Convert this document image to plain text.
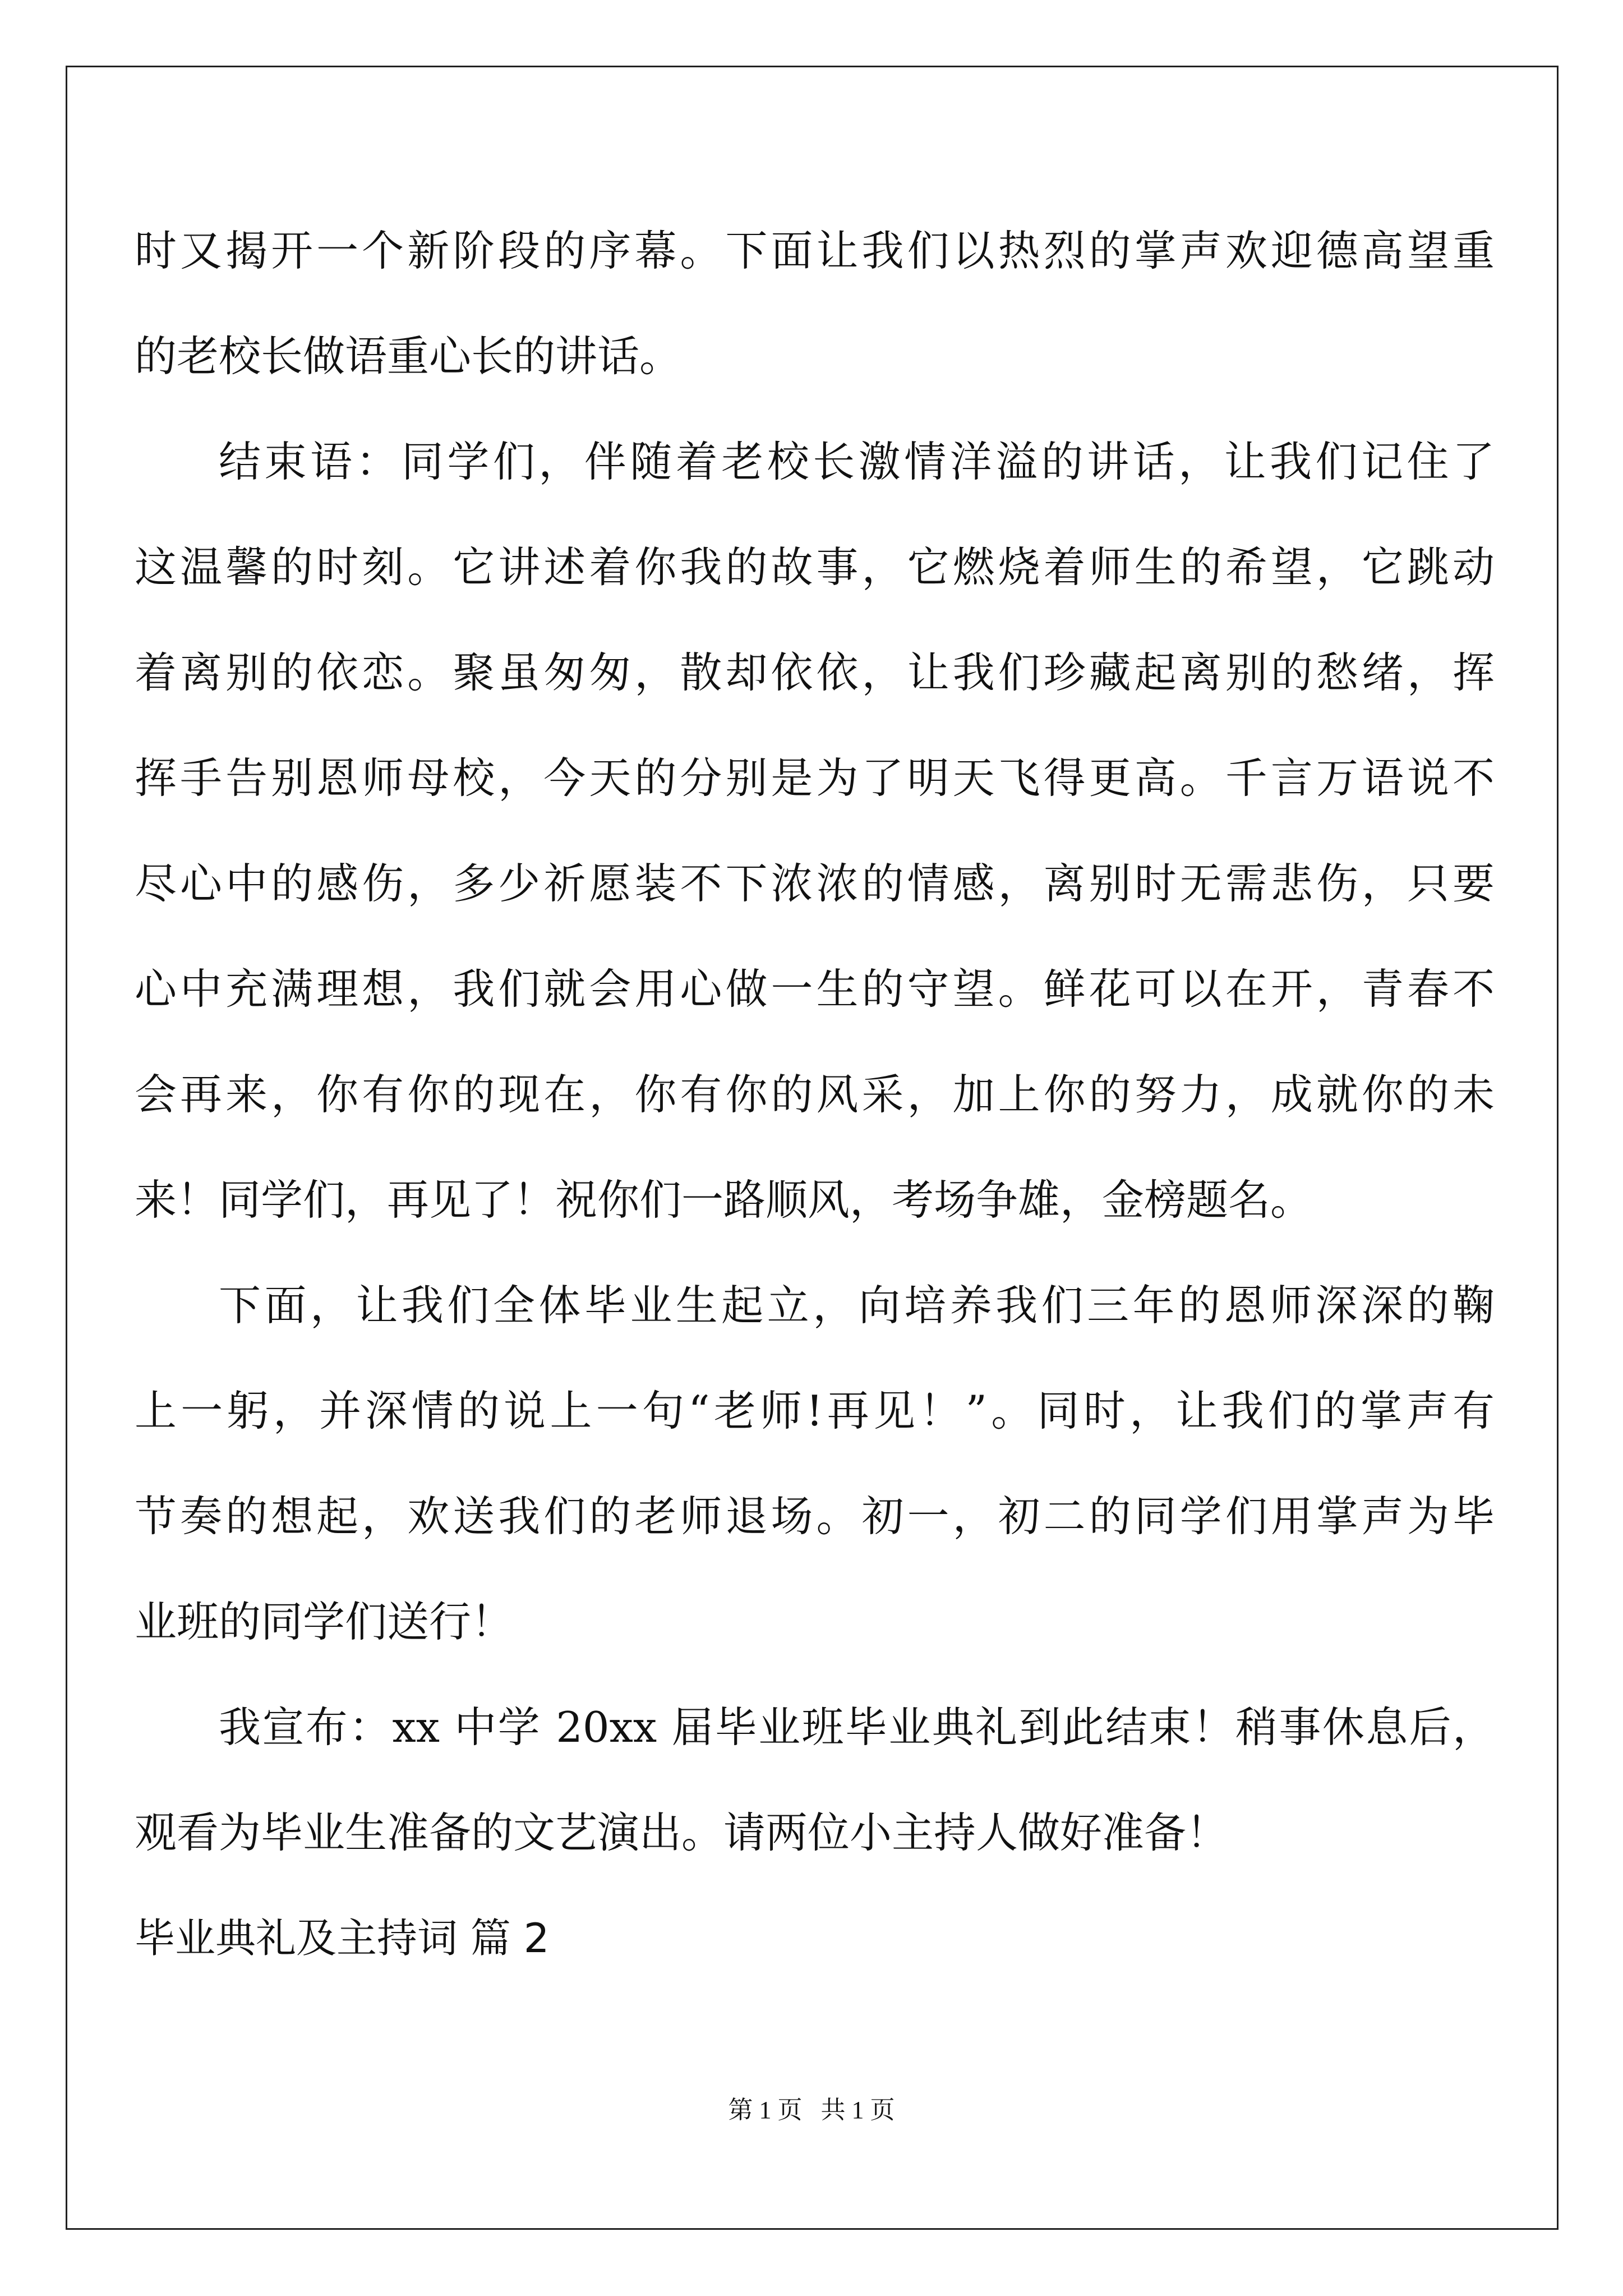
时又揭开一个新阶段的序幕。下面让我们以热烈的掌声欢迎德高望重
的老校长做语重心长的讲话。
结束语：同学们，伴随着老校长激情洋溢的讲话，让我们记住了
这温馨的时刻。它讲述着你我的故事，它燃烧着师生的希望，它跳动
着离别的依恋。聚虽匆匆，散却依依，让我们珍藏起离别的愁绪，挥
挥手告别恩师母校，今天的分别是为了明天飞得更高。千言万语说不
尽心中的感伤，多少祈愿装不下浓浓的情感，离别时无需悲伤，只要
心中充满理想，我们就会用心做一生的守望。鲜花可以在开，青春不
会再来，你有你的现在，你有你的风采，加上你的努力，成就你的未
来！同学们，再见了！祝你们一路顺风，考场争雄，金榜题名。
下面，让我们全体毕业生起立，向培养我们三年的恩师深深的鞠
上一躬，并深情的说上一句“老师!再见！”。同时，让我们的掌声有
节奏的想起，欢送我们的老师退场。初一，初二的同学们用掌声为毕
业班的同学们送行！
我宣布：xx 中学 20xx 届毕业班毕业典礼到此结束！稍事休息后，
观看为毕业生准备的文艺演出。请两位小主持人做好准备！
毕业典礼及主持词 篇 2
第 1 页   共 1 页
